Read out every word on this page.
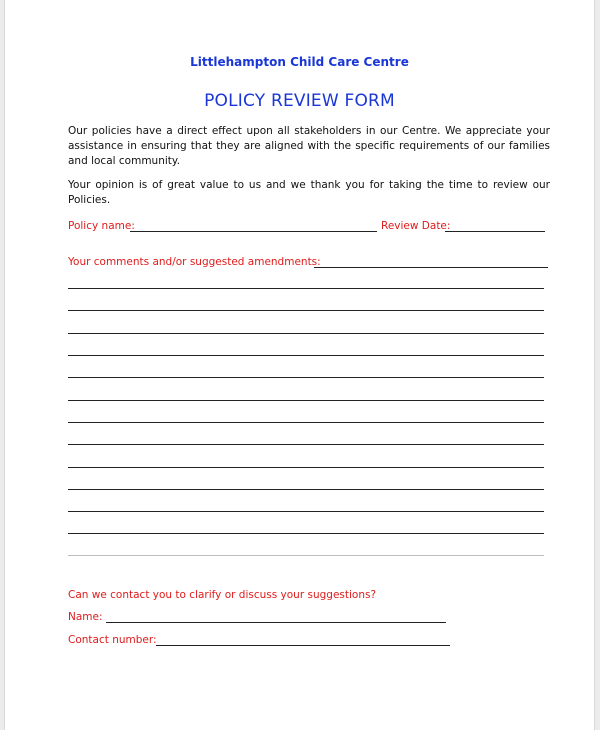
Littlehampton Child Care Centre
POLICY REVIEW FORM
Our policies have a direct effect upon all stakeholders in our Centre. We appreciate your assistance in ensuring that they are aligned with the specific requirements of our families and local community.
Your opinion is of great value to us and we thank you for taking the time to review our Policies.
Policy name:	Review Date:
Your comments and/or suggested amendments:
Can we contact you to clarify or discuss your suggestions?
Name:
Contact number:
